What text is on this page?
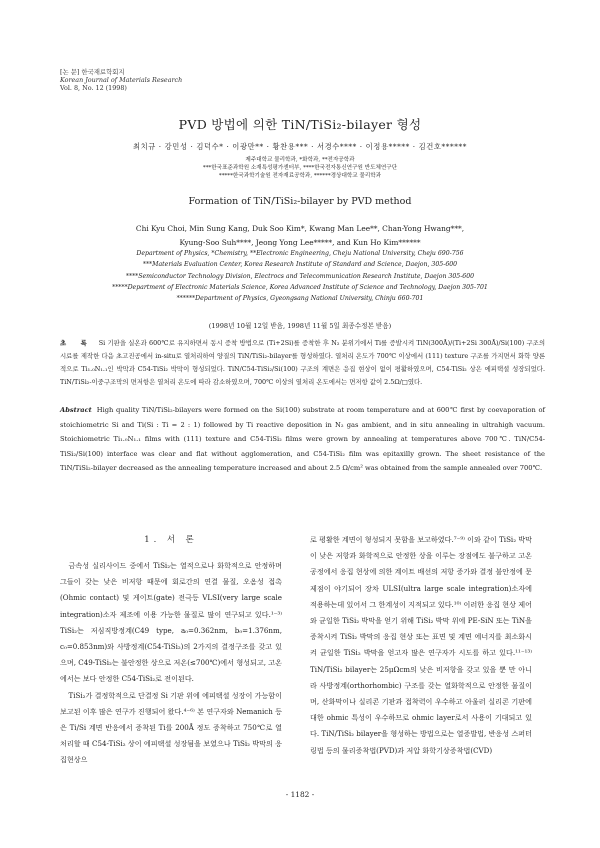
[논 문] 한국재료학회지
Korean Journal of Materials Research
Vol. 8, No. 12 (1998)
PVD 방법에 의한 TiN/TiSi₂-bilayer 형성
최치규 · 강민성 · 김덕수* · 이광만** · 황찬용*** · 서경수**** · 이정용***** · 김건호******
제주대학교 물리학과, *화학과, **전자공학과
***한국표준과학원 소재특성평가센터부, ****한국전자통신연구원 반도체연구단
*****한국과학기술원 전자재료공학과, ******경상대학교 물리학과
Formation of TiN/TiSi₂-bilayer by PVD method
Chi Kyu Choi, Min Sung Kang, Duk Soo Kim*, Kwang Man Lee**, Chan-Yong Hwang***,
Kyung-Soo Suh****, Jeong Yong Lee*****, and Kun Ho Kim******
Department of Physics, *Chemistry, **Electronic Engineering, Cheju National University, Cheju 690-756
***Materials Evaluation Center, Korea Research Institute of Standard and Science, Daejon, 305-600
****Semiconductor Technology Division, Electrocs and Telecommunication Research Institute, Daejon 305-600
*****Department of Electronic Materials Science, Korea Advanced Institute of Science and Technology, Daejon 305-701
******Department of Physics, Gyeongsang National University, Chinju 660-701
(1998년 10월 12일 받음, 1998년 11월 5일 최종수정본 받음)
초 록 Si 기판을 실온과 600℃로 유지하면서 동시 증착 방법으로 (Ti+2Si)를 증착한 후 N₂ 분위기에서 Ti를 증발시켜 TiN(300Å)/(Ti+2Si 300Å)/Si(100) 구조의 시료를 제작한 다음 초고진공에서 in-situ로 열처리하여 양질의 TiN/TiSi₂-bilayer를 형성하였다. 열처리 온도가 700℃ 이상에서 (111) texture 구조를 가지면서 화학 양론적으로 Ti₁.₀N₁.₁인 박막과 C54-TiSi₂ 박막이 형성되었다. TiN/C54-TiSi₂/Si(100) 구조의 계면은 응집 현상이 없이 평활하였으며, C54-TiSi₂ 상은 에피택셜 성장되었다. TiN/TiSi₂-이중구조막의 면저항은 열처리 온도에 따라 감소하였으며, 700℃ 이상의 열처리 온도에서는 면저항 값이 2.5Ω/□였다.
Abstract High quality TiN/TiSi₂-bilayers were formed on the Si(100) substrate at room temperature and at 600℃ first by coevaporation of stoichiometric Si and Ti(Si : Ti = 2 : 1) followed by Ti reactive deposition in N₂ gas ambient, and in situ annealing in ultrahigh vacuum. Stoichiometric Ti₁.₀N₁.₁ films with (111) texture and C54-TiSi₂ films were grown by annealing at temperatures above 700℃. TiN/C54-TiSi₂/Si(100) interface was clear and flat without agglomeration, and C54-TiSi₂ film was epitaxilly grown. The sheet resistance of the TiN/TiSi₂-bilayer decreased as the annealing temperature increased and about 2.5 Ω/cm² was obtained from the sample annealed over 700℃.
1. 서 론

금속성 실리사이드 중에서 TiSi₂는 열적으로나 화학적으로 안정하며 그들이 갖는 낮은 비저항 때문에 회로간의 연결 물질, 오옴성 접촉(Ohmic contact) 및 게이트(gate) 전극등 VLSI(very large scale integration)소자 제조에 이용 가능한 물질로 많이 연구되고 있다.¹⁻³⁾ TiSi₂는 저심직방정계(C49 type, a₀=0.362nm, b₀=1.376nm, c₀=0.853nm)와 사방정계(C54-TiSi₂)의 2가지의 결정구조를 갖고 있으며, C49-TiSi₂는 불안정한 상으로 저온(≤700℃)에서 형성되고, 고온에서는 보다 안정한 C54-TiSi₂로 전이된다.

TiSi₂가 결정학적으로 단결정 Si 기판 위에 에피택셜 성장이 가능함이 보고된 이후 많은 연구가 진행되어 왔다.⁴⁻⁶⁾ 본 연구자와 Nemanich 등은 Ti/Si 계면 반응에서 증착된 Ti를 200Å 정도 증착하고 750℃로 열처리할 때 C54-TiSi₂ 상이 에피택셜 성장됨을 보였으나 TiSi₂ 박막의 응집현상으

로 평활한 계면이 형성되지 못함을 보고하였다.⁷⁻⁹⁾ 이와 같이 TiSi₂ 박막이 낮은 저항과 화학적으로 안정한 상을 이루는 장점에도 불구하고 고온 공정에서 응집 현상에 의한 계이트 배선의 저항 증가와 결정 불안정에 문제점이 야기되어 장차 ULSI(ultra large scale integration)소자에 적용하는데 있어서 그 한계성이 지적되고 있다.¹⁰⁾ 이러한 응집 현상 제어와 균일한 TiSi₂ 박막을 얻기 위해 TiSi₂ 박막 위에 PE-SiN 또는 TiN을 증착시켜 TiSi₂ 박막의 응집 현상 또는 표면 및 계면 에너지를 최소화시켜 균일한 TiSi₂ 박막을 얻고자 많은 연구자가 시도를 하고 있다.¹¹⁻¹³⁾ TiN/TiSi₂ bilayer는 25μΩcm의 낮은 비저항을 갖고 있을 뿐 만 아니라 사방정계(orthorhombic) 구조를 갖는 열화학적으로 안정한 물질이며, 산화막이나 실리콘 기판과 접착력이 우수하고 아울러 실리콘 기판에 대한 ohmic 특성이 우수하므로 ohmic layer로서 사용이 기대되고 있다. TiN/TiSi₂ bilayer을 형성하는 방법으로는 열증발법, 반응성 스퍼터링법 등의 물리증착법(PVD)과 저압 화학기상증착법(CVD)

- 1182 -
